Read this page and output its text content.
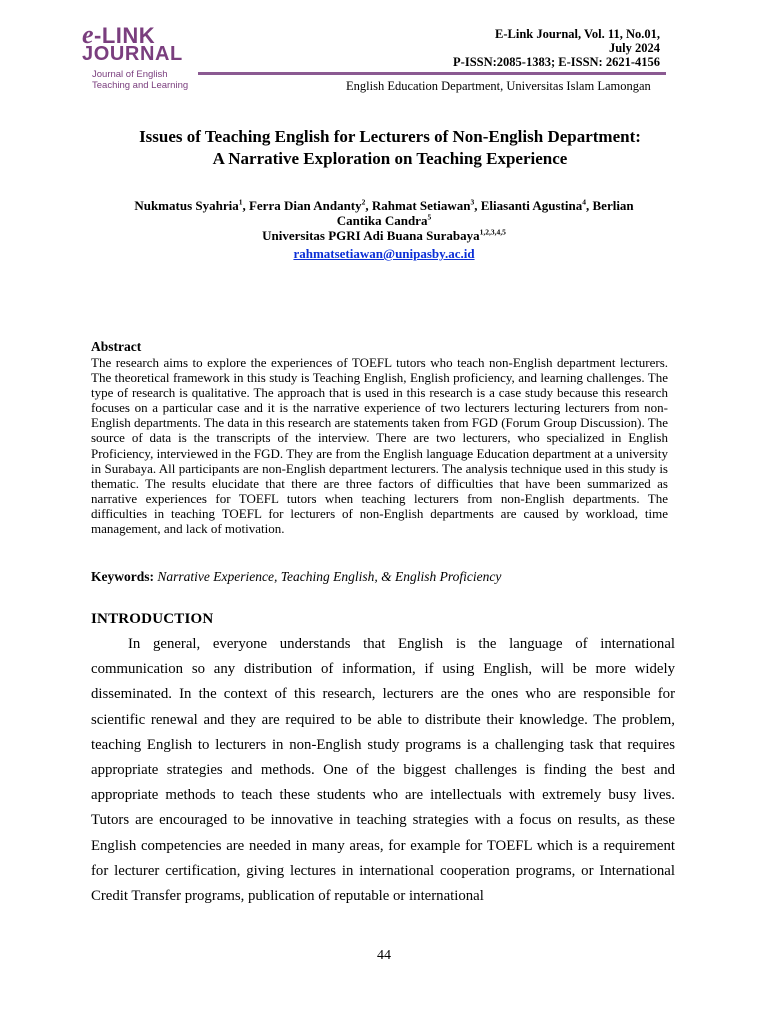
e-LINK
JOURNAL
Journal of English
Teaching and Learning
E-Link Journal, Vol. 11, No.01,
July 2024
P-ISSN:2085-1383; E-ISSN: 2621-4156
English Education Department, Universitas Islam Lamongan
Issues of Teaching English for Lecturers of Non-English Department:
A Narrative Exploration on Teaching Experience
Nukmatus Syahria$^1$, Ferra Dian Andanty$^2$, Rahmat Setiawan$^3$, Eliasanti Agustina$^4$, Berlian
Cantika Candra$^5$
Universitas PGRI Adi Buana Surabaya$^{1,2,3,4,5}$
rahmatsetiawan@unipasby.ac.id
Abstract
The research aims to explore the experiences of TOEFL tutors who teach non-English department lecturers. The theoretical framework in this study is Teaching English, English proficiency, and learning challenges. The type of research is qualitative. The approach that is used in this research is a case study because this research focuses on a particular case and it is the narrative experience of two lecturers lecturing lecturers from non-English departments. The data in this research are statements taken from FGD (Forum Group Discussion). The source of data is the transcripts of the interview. There are two lecturers, who specialized in English Proficiency, interviewed in the FGD. They are from the English language Education department at a university in Surabaya. All participants are non-English department lecturers. The analysis technique used in this study is thematic. The results elucidate that there are three factors of difficulties that have been summarized as narrative experiences for TOEFL tutors when teaching lecturers from non-English departments. The difficulties in teaching TOEFL for lecturers of non-English departments are caused by workload, time management, and lack of motivation.
Keywords: Narrative Experience, Teaching English, & English Proficiency
INTRODUCTION
In general, everyone understands that English is the language of international communication so any distribution of information, if using English, will be more widely disseminated. In the context of this research, lecturers are the ones who are responsible for scientific renewal and they are required to be able to distribute their knowledge. The problem, teaching English to lecturers in non-English study programs is a challenging task that requires appropriate strategies and methods. One of the biggest challenges is finding the best and appropriate methods to teach these students who are intellectuals with extremely busy lives. Tutors are encouraged to be innovative in teaching strategies with a focus on results, as these English competencies are needed in many areas, for example for TOEFL which is a requirement for lecturer certification, giving lectures in international cooperation programs, or International Credit Transfer programs, publication of reputable or international
44
